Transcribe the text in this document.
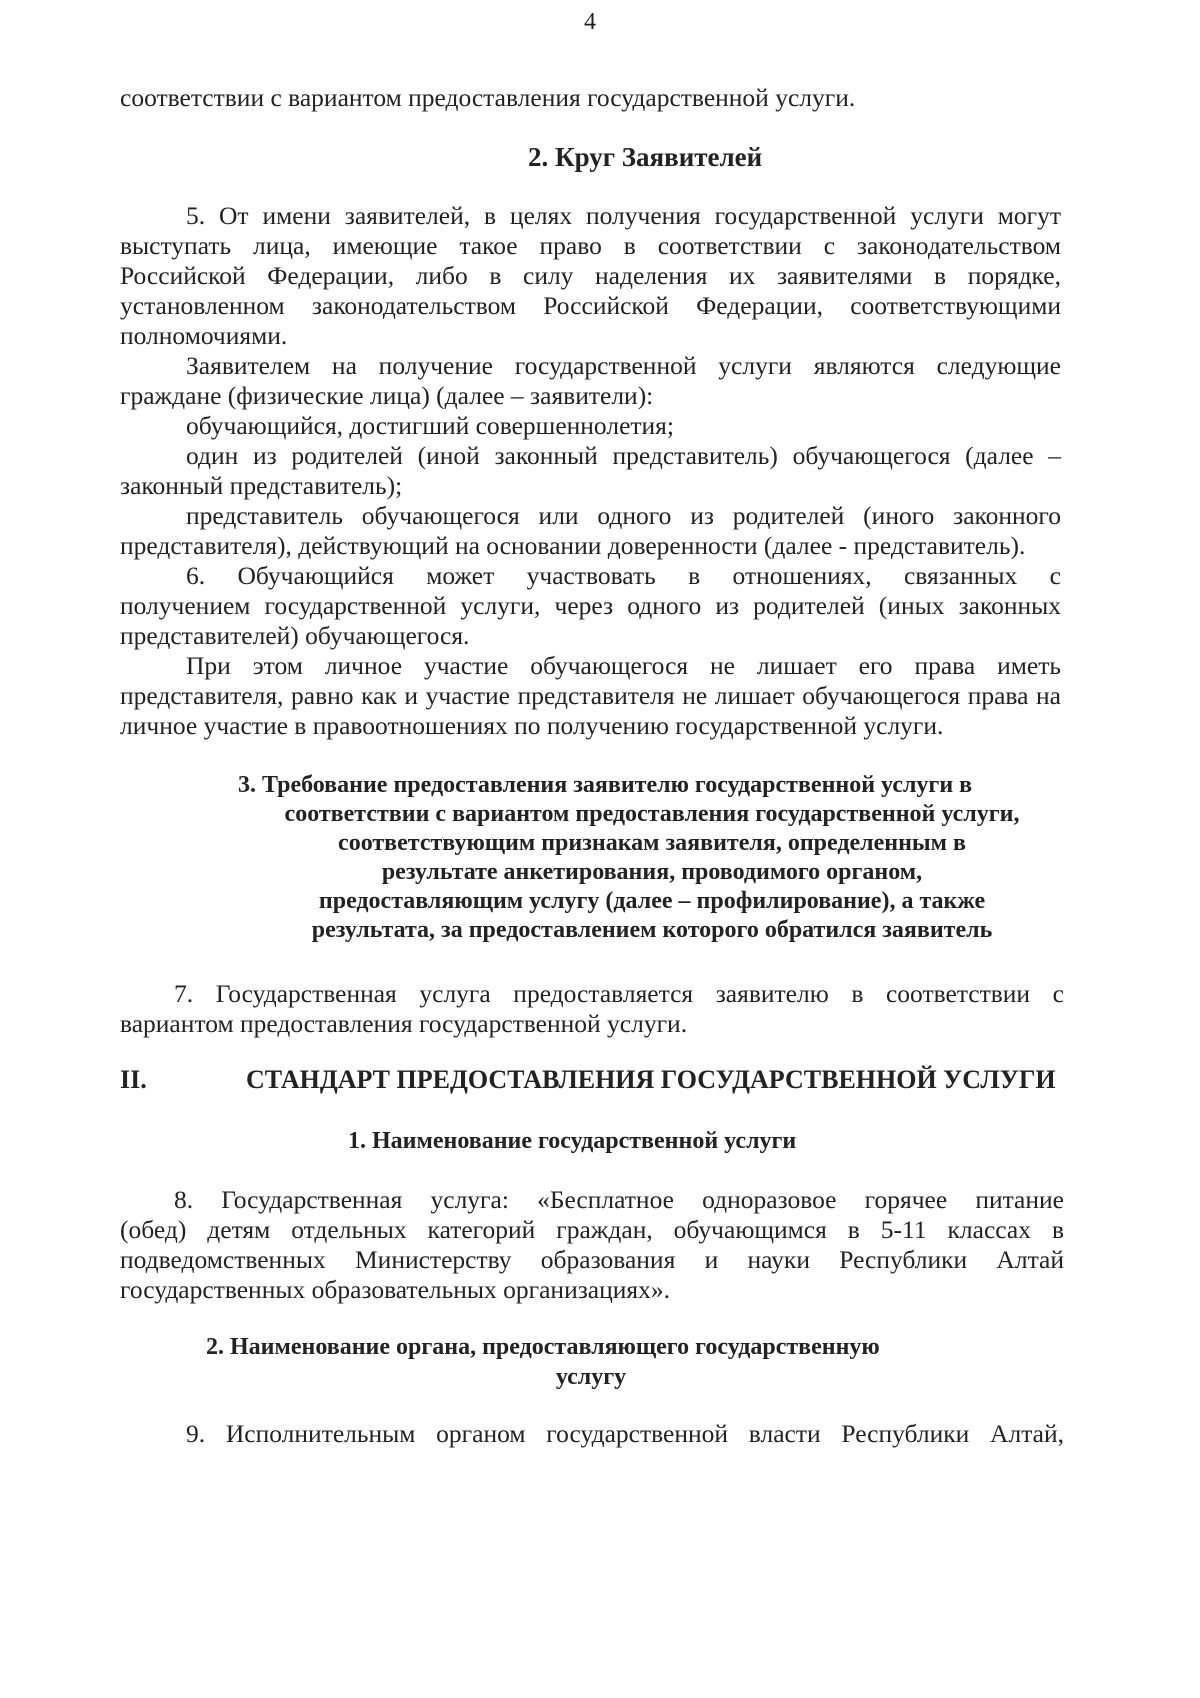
4
соответствии с вариантом предоставления государственной услуги.
2. Круг Заявителей
5. От имени заявителей, в целях получения государственной услуги могут
выступать лица, имеющие такое право в соответствии с законодательством
Российской Федерации, либо в силу наделения их заявителями в порядке,
установленном законодательством Российской Федерации, соответствующими
полномочиями.
Заявителем на получение государственной услуги являются следующие
граждане (физические лица) (далее – заявители):
обучающийся, достигший совершеннолетия;
один из родителей (иной законный представитель) обучающегося (далее –
законный представитель);
представитель обучающегося или одного из родителей (иного законного
представителя), действующий на основании доверенности (далее - представитель).
6. Обучающийся может участвовать в отношениях, связанных с
получением государственной услуги, через одного из родителей (иных законных
представителей) обучающегося.
При этом личное участие обучающегося не лишает его права иметь
представителя, равно как и участие представителя не лишает обучающегося права на
личное участие в правоотношениях по получению государственной услуги.
3. Требование предоставления заявителю государственной услуги в
соответствии с вариантом предоставления государственной услуги,
соответствующим признакам заявителя, определенным в
результате анкетирования, проводимого органом,
предоставляющим услугу (далее – профилирование), а также
результата, за предоставлением которого обратился заявитель
7. Государственная услуга предоставляется заявителю в соответствии с
вариантом предоставления государственной услуги.
II.	СТАНДАРТ ПРЕДОСТАВЛЕНИЯ ГОСУДАРСТВЕННОЙ УСЛУГИ
1. Наименование государственной услуги
8. Государственная услуга: «Бесплатное одноразовое горячее питание
(обед) детям отдельных категорий граждан, обучающимся в 5-11 классах в
подведомственных Министерству образования и науки Республики Алтай
государственных образовательных организациях».
2. Наименование органа, предоставляющего государственную
услугу
9. Исполнительным органом государственной власти Республики Алтай,
